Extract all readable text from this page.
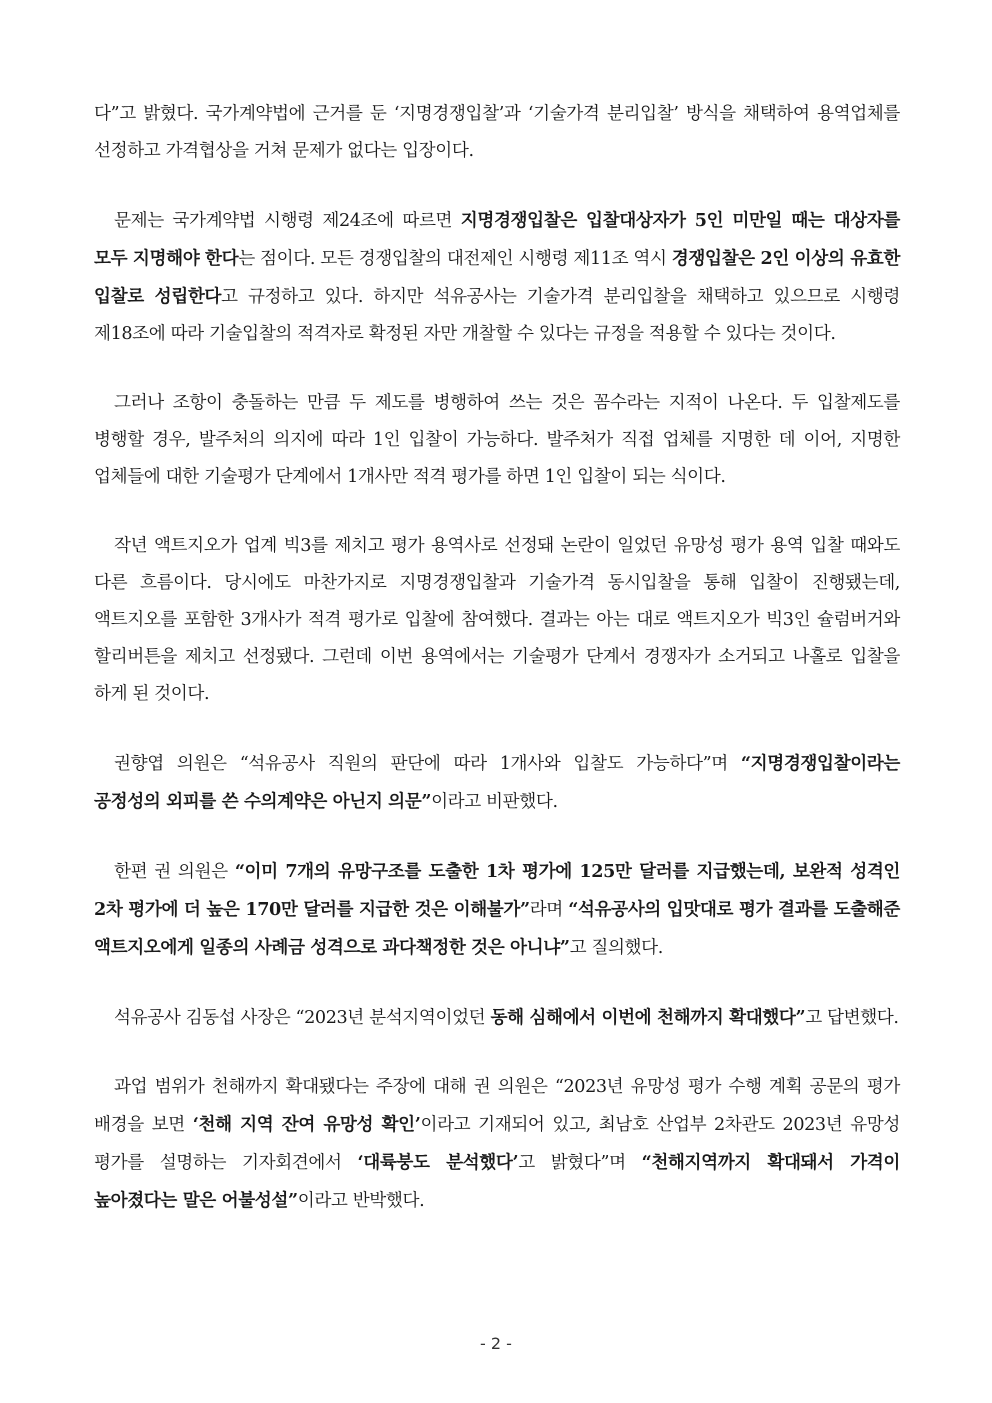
다”고 밝혔다. 국가계약법에 근거를 둔 ‘지명경쟁입찰’과 ‘기술가격 분리입찰’ 방식을 채택하여 용역업체를 선정하고 가격협상을 거쳐 문제가 없다는 입장이다.

문제는 국가계약법 시행령 제24조에 따르면 지명경쟁입찰은 입찰대상자가 5인 미만일 때는 대상자를 모두 지명해야 한다는 점이다. 모든 경쟁입찰의 대전제인 시행령 제11조 역시 경쟁입찰은 2인 이상의 유효한 입찰로 성립한다고 규정하고 있다. 하지만 석유공사는 기술가격 분리입찰을 채택하고 있으므로 시행령 제18조에 따라 기술입찰의 적격자로 확정된 자만 개찰할 수 있다는 규정을 적용할 수 있다는 것이다.

그러나 조항이 충돌하는 만큼 두 제도를 병행하여 쓰는 것은 꼼수라는 지적이 나온다. 두 입찰제도를 병행할 경우, 발주처의 의지에 따라 1인 입찰이 가능하다. 발주처가 직접 업체를 지명한 데 이어, 지명한 업체들에 대한 기술평가 단계에서 1개사만 적격 평가를 하면 1인 입찰이 되는 식이다.

작년 액트지오가 업계 빅3를 제치고 평가 용역사로 선정돼 논란이 일었던 유망성 평가 용역 입찰 때와도 다른 흐름이다. 당시에도 마찬가지로 지명경쟁입찰과 기술가격 동시입찰을 통해 입찰이 진행됐는데, 액트지오를 포함한 3개사가 적격 평가로 입찰에 참여했다. 결과는 아는 대로 액트지오가 빅3인 슐럼버거와 할리버튼을 제치고 선정됐다. 그런데 이번 용역에서는 기술평가 단계서 경쟁자가 소거되고 나홀로 입찰을 하게 된 것이다.

권향엽 의원은 “석유공사 직원의 판단에 따라 1개사와 입찰도 가능하다”며 “지명경쟁입찰이라는 공정성의 외피를 쓴 수의계약은 아닌지 의문”이라고 비판했다.

한편 권 의원은 “이미 7개의 유망구조를 도출한 1차 평가에 125만 달러를 지급했는데, 보완적 성격인 2차 평가에 더 높은 170만 달러를 지급한 것은 이해불가”라며 “석유공사의 입맛대로 평가 결과를 도출해준 액트지오에게 일종의 사례금 성격으로 과다책정한 것은 아니냐”고 질의했다.

석유공사 김동섭 사장은 “2023년 분석지역이었던 동해 심해에서 이번에 천해까지 확대했다”고 답변했다.

과업 범위가 천해까지 확대됐다는 주장에 대해 권 의원은 “2023년 유망성 평가 수행 계획 공문의 평가 배경을 보면 ‘천해 지역 잔여 유망성 확인’이라고 기재되어 있고, 최남호 산업부 2차관도 2023년 유망성 평가를 설명하는 기자회견에서 ‘대륙붕도 분석했다’고 밝혔다”며 “천해지역까지 확대돼서 가격이 높아졌다는 말은 어불성설”이라고 반박했다.

- 2 -
